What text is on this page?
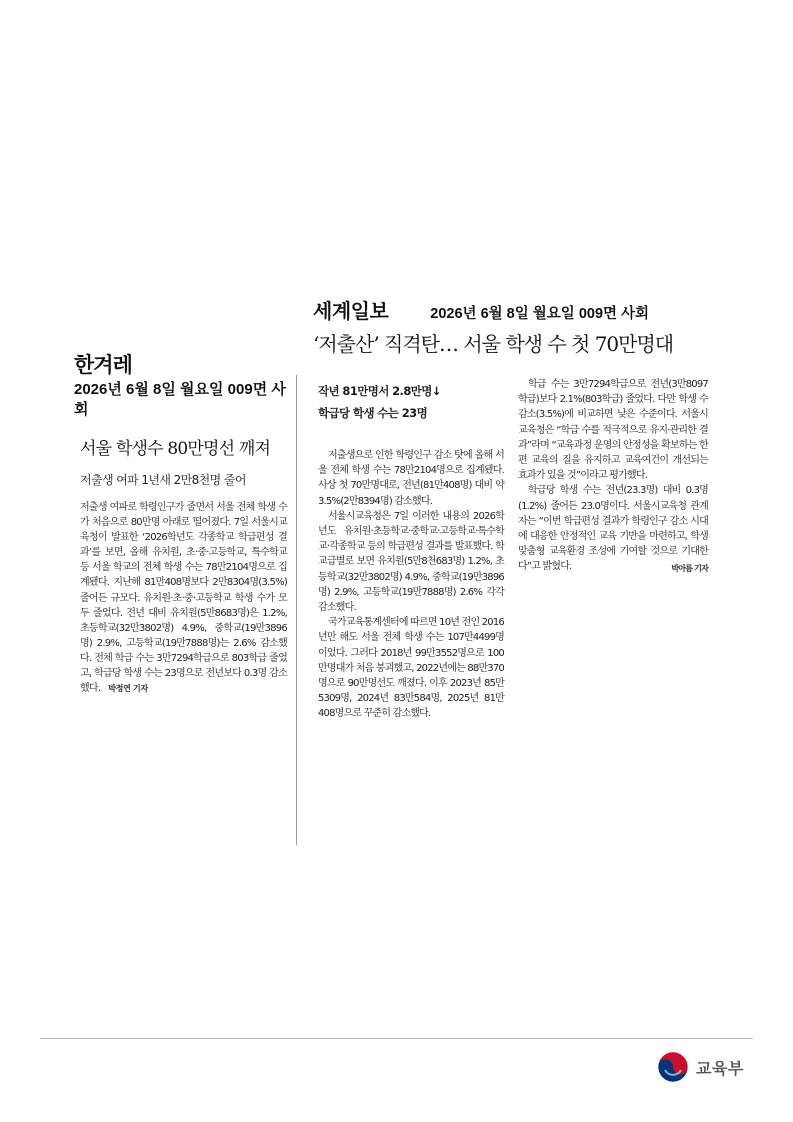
한겨레
2026년 6월 8일 월요일 009면 사회
서울 학생수 80만명선 깨져
저출생 여파 1년새 2만8천명 줄어
저출생 여파로 학령인구가 줄면서 서울 전체 학생 수가 처음으로 80만명 아래로 떨어졌다. 7일 서울시교육청이 발표한 ‘2026학년도 각종학교 학급편성 결과’를 보면, 올해 유치원, 초·중·고등학교, 특수학교 등 서울 학교의 전체 학생 수는 78만2104명으로 집계됐다. 지난해 81만408명보다 2만8304명(3.5%) 줄어든 규모다. 유치원·초·중·고등학교 학생 수가 모두 줄었다. 전년 대비 유치원(5만8683명)은 1.2%, 초등학교(32만3802명) 4.9%, 중학교(19만3896명) 2.9%, 고등학교(19만7888명)는 2.6% 감소했다. 전체 학급 수는 3만7294학급으로 803학급 줄었고, 학급당 학생 수는 23명으로 전년보다 0.3명 감소했다. 박정연 기자
세계일보	2026년 6월 8일 월요일 009면 사회
‘저출산’ 직격탄… 서울 학생 수 첫 70만명대
작년 81만명서 2.8만명↓
학급당 학생 수는 23명

저출생으로 인한 학령인구 감소 탓에 올해 서울 전체 학생 수는 78만2104명으로 집계됐다. 사상 첫 70만명대로, 전년(81만408명) 대비 약 3.5%(2만8394명) 감소했다.

서울시교육청은 7일 이러한 내용의 2026학년도 유치원·초등학교·중학교·고등학교·특수학교·각종학교 등의 학급편성 결과를 발표했다. 학교급별로 보면 유치원(5만8천683명) 1.2%, 초등학교(32만3802명) 4.9%, 중학교(19만3896명) 2.9%, 고등학교(19만7888명) 2.6% 각각 감소했다.

국가교육통계센터에 따르면 10년 전인 2016년만 해도 서울 전체 학생 수는 107만4499명이었다. 그러다 2018년 99만3552명으로 100만명대가 처음 붕괴했고, 2022년에는 88만370명으로 90만명선도 깨졌다. 이후 2023년 85만5309명, 2024년 83만584명, 2025년 81만408명으로 꾸준히 감소했다.

학급 수는 3만7294학급으로 전년(3만8097학급)보다 2.1%(803학급) 줄었다. 다만 학생 수 감소(3.5%)에 비교하면 낮은 수준이다. 서울시교육청은 “학급 수를 적극적으로 유지·관리한 결과”라며 “교육과정 운영의 안정성을 확보하는 한편 교육의 질을 유지하고 교육여건이 개선되는 효과가 있을 것”이라고 평가했다.

학급당 학생 수는 전년(23.3명) 대비 0.3명(1.2%) 줄어든 23.0명이다. 서울시교육청 관계자는 “이번 학급편성 결과가 학령인구 감소 시대에 대응한 안정적인 교육 기반을 마련하고, 학생 맞춤형 교육환경 조성에 기여할 것으로 기대한다”고 밝혔다.	박아름 기자
교육부
